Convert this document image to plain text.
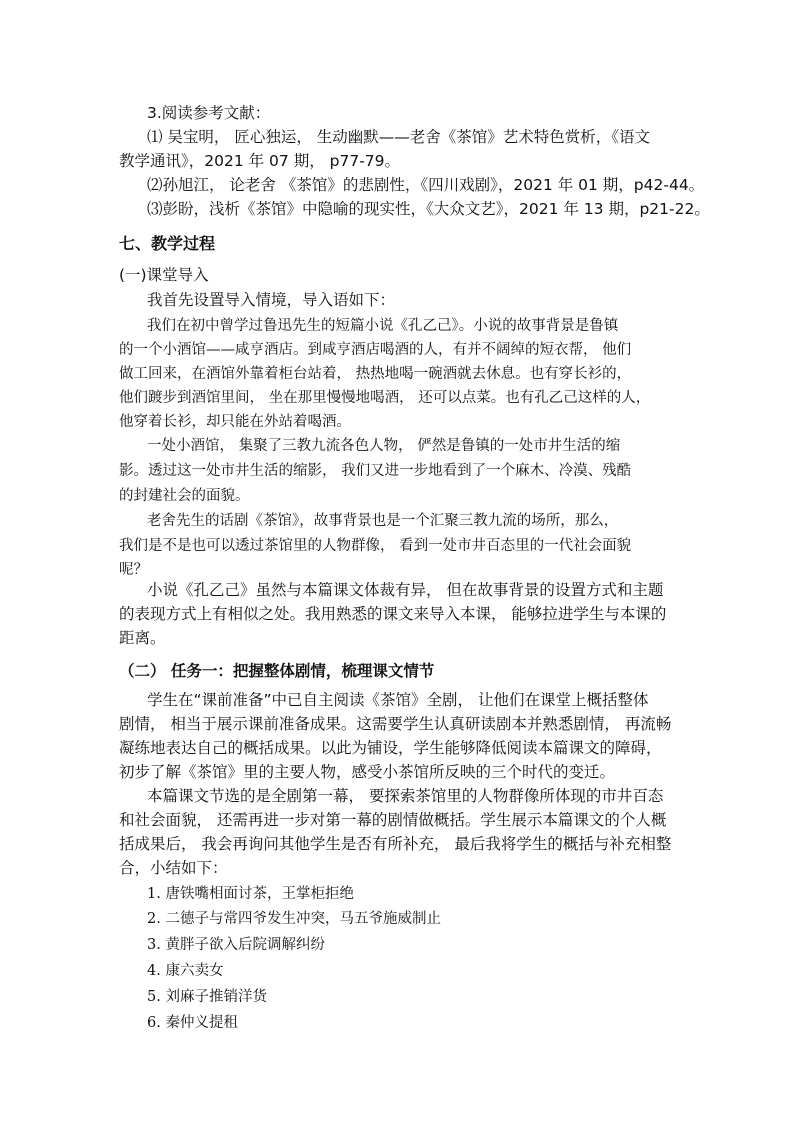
3.阅读参考文献：
⑴ 吴宝明， 匠心独运， 生动幽默——老舍《茶馆》艺术特色赏析，《语文
教学通讯》，2021 年 07 期， p77-79。
⑵孙旭江， 论老舍 《茶馆》的悲剧性，《四川戏剧》，2021 年 01 期，p42-44。
⑶彭盼，浅析《茶馆》中隐喻的现实性，《大众文艺》，2021 年 13 期，p21-22。
七、教学过程
(一)课堂导入
我首先设置导入情境，导入语如下：
我们在初中曾学过鲁迅先生的短篇小说《孔乙己》。小说的故事背景是鲁镇
的一个小酒馆——咸亨酒店。到咸亨酒店喝酒的人，有并不阔绰的短衣帮， 他们
做工回来，在酒馆外靠着柜台站着， 热热地喝一碗酒就去休息。也有穿长衫的，
他们踱步到酒馆里间， 坐在那里慢慢地喝酒， 还可以点菜。也有孔乙己这样的人，
他穿着长衫，却只能在外站着喝酒。
一处小酒馆， 集聚了三教九流各色人物， 俨然是鲁镇的一处市井生活的缩
影。透过这一处市井生活的缩影， 我们又进一步地看到了一个麻木、冷漠、残酷
的封建社会的面貌。
老舍先生的话剧《茶馆》，故事背景也是一个汇聚三教九流的场所，那么，
我们是不是也可以透过茶馆里的人物群像， 看到一处市井百态里的一代社会面貌
呢？
小说《孔乙己》虽然与本篇课文体裁有异， 但在故事背景的设置方式和主题
的表现方式上有相似之处。我用熟悉的课文来导入本课， 能够拉进学生与本课的
距离。
（二） 任务一：把握整体剧情，梳理课文情节
学生在“课前准备”中已自主阅读《茶馆》全剧， 让他们在课堂上概括整体
剧情， 相当于展示课前准备成果。这需要学生认真研读剧本并熟悉剧情， 再流畅
凝练地表达自己的概括成果。以此为铺设，学生能够降低阅读本篇课文的障碍，
初步了解《茶馆》里的主要人物，感受小茶馆所反映的三个时代的变迁。
本篇课文节选的是全剧第一幕， 要探索茶馆里的人物群像所体现的市井百态
和社会面貌， 还需再进一步对第一幕的剧情做概括。学生展示本篇课文的个人概
括成果后， 我会再询问其他学生是否有所补充， 最后我将学生的概括与补充相整
合，小结如下：
1. 唐铁嘴相面讨茶，王掌柜拒绝
2. 二德子与常四爷发生冲突，马五爷施威制止
3. 黄胖子欲入后院调解纠纷
4. 康六卖女
5. 刘麻子推销洋货
6. 秦仲义提租
